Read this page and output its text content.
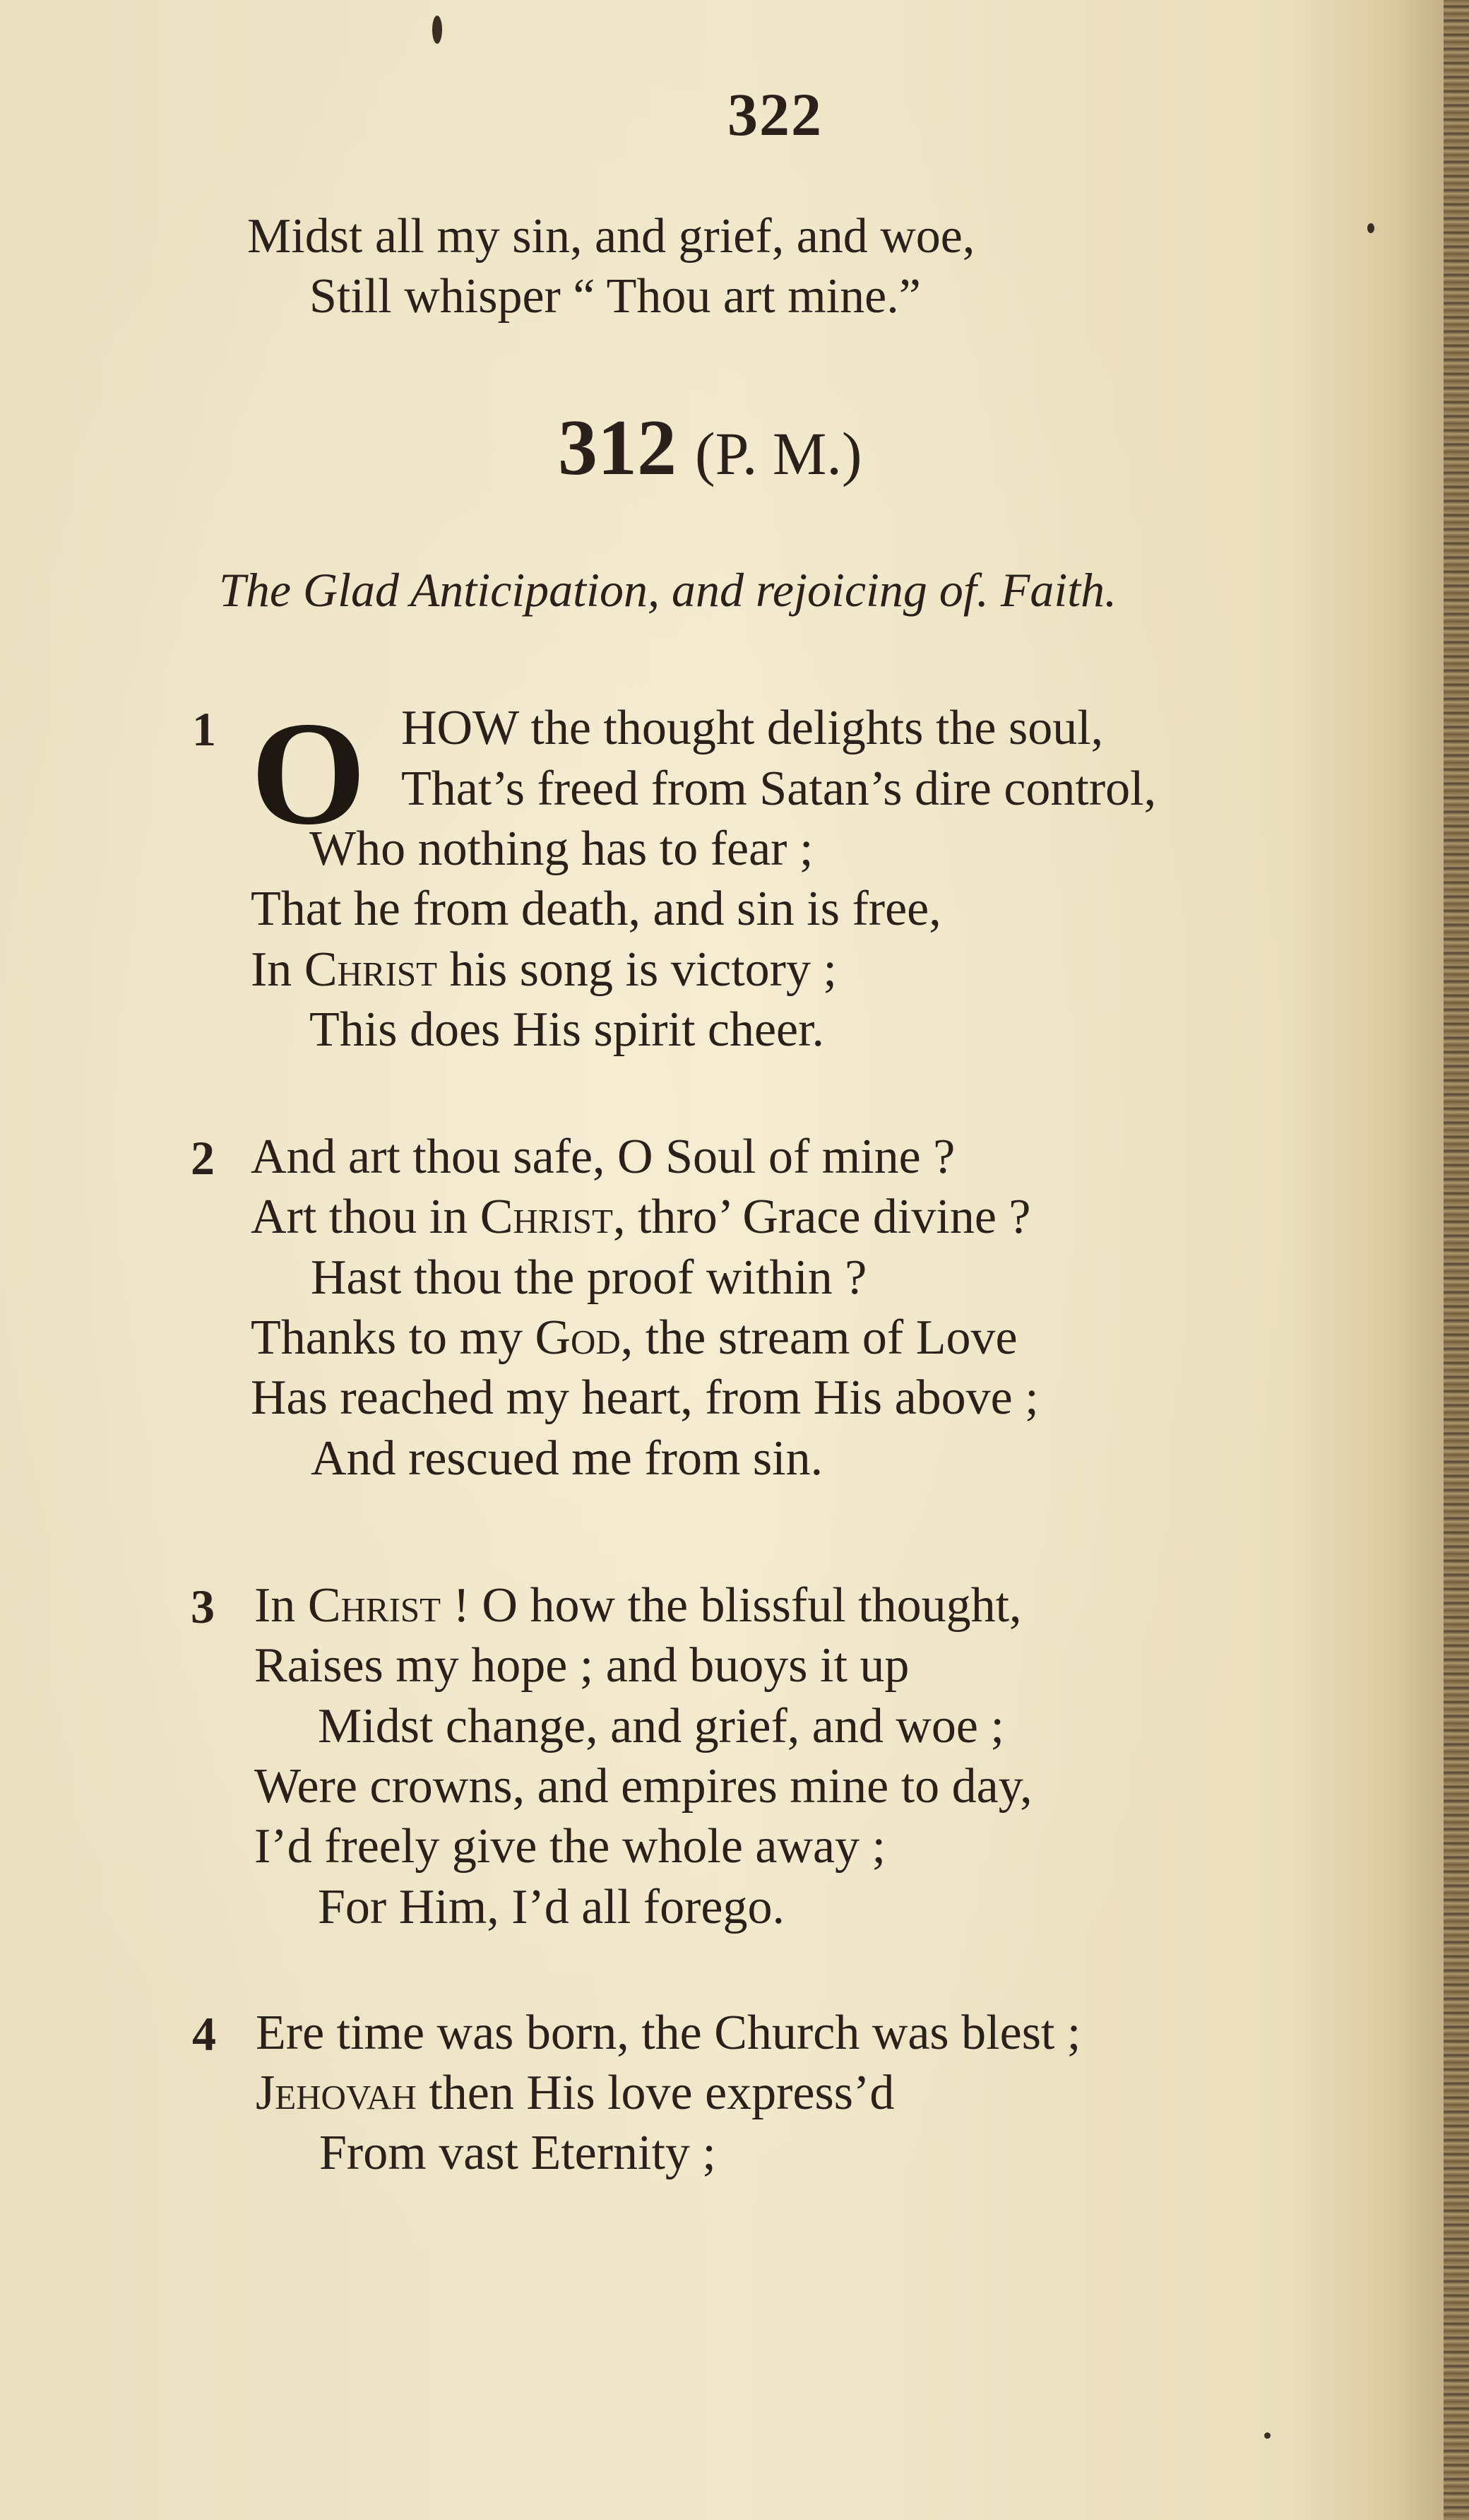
322
Midst all my sin, and grief, and woe,
Still whisper “ Thou art mine.”
312 (P. M.)
The Glad Anticipation, and rejoicing of. Faith.
1 O HOW the thought delights the soul,
That’s freed from Satan’s dire control,
Who nothing has to fear ;
That he from death, and sin is free,
In Christ his song is victory ;
This does His spirit cheer.
2 And art thou safe, O Soul of mine ?
Art thou in Christ, thro’ Grace divine ?
Hast thou the proof within ?
Thanks to my God, the stream of Love
Has reached my heart, from His above ;
And rescued me from sin.
3 In Christ ! O how the blissful thought,
Raises my hope ; and buoys it up
Midst change, and grief, and woe ;
Were crowns, and empires mine to day,
I’d freely give the whole away ;
For Him, I’d all forego.
4 Ere time was born, the Church was blest ;
Jehovah then His love express’d
From vast Eternity ;
